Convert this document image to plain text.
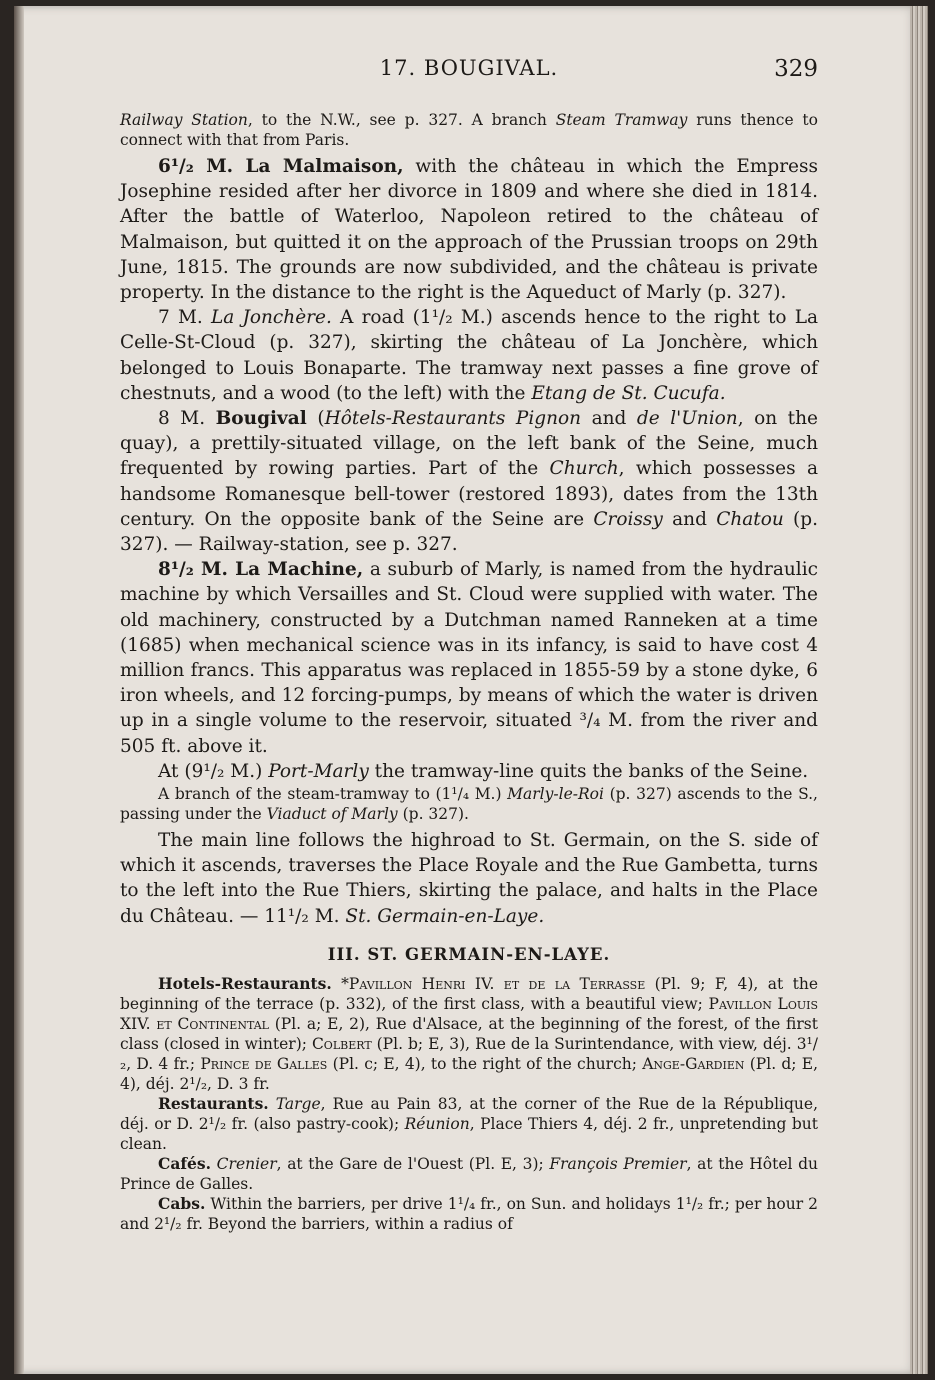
17. BOUGIVAL.	329

Railway Station, to the N.W., see p. 327. A branch Steam Tramway runs thence to connect with that from Paris.

6¹/₂ M. La Malmaison, with the château in which the Empress Josephine resided after her divorce in 1809 and where she died in 1814. After the battle of Waterloo, Napoleon retired to the château of Malmaison, but quitted it on the approach of the Prussian troops on 29th June, 1815. The grounds are now subdivided, and the château is private property. In the distance to the right is the Aqueduct of Marly (p. 327).

7 M. La Jonchère. A road (1¹/₂ M.) ascends hence to the right to La Celle-St-Cloud (p. 327), skirting the château of La Jonchère, which belonged to Louis Bonaparte. The tramway next passes a fine grove of chestnuts, and a wood (to the left) with the Etang de St. Cucufa.

8 M. Bougival (Hôtels-Restaurants Pignon and de l'Union, on the quay), a prettily-situated village, on the left bank of the Seine, much frequented by rowing parties. Part of the Church, which possesses a handsome Romanesque bell-tower (restored 1893), dates from the 13th century. On the opposite bank of the Seine are Croissy and Chatou (p. 327). — Railway-station, see p. 327.

8¹/₂ M. La Machine, a suburb of Marly, is named from the hydraulic machine by which Versailles and St. Cloud were supplied with water. The old machinery, constructed by a Dutchman named Ranneken at a time (1685) when mechanical science was in its infancy, is said to have cost 4 million francs. This apparatus was replaced in 1855-59 by a stone dyke, 6 iron wheels, and 12 forcing-pumps, by means of which the water is driven up in a single volume to the reservoir, situated ³/₄ M. from the river and 505 ft. above it.

At (9¹/₂ M.) Port-Marly the tramway-line quits the banks of the Seine.

A branch of the steam-tramway to (1¹/₄ M.) Marly-le-Roi (p. 327) ascends to the S., passing under the Viaduct of Marly (p. 327).

The main line follows the highroad to St. Germain, on the S. side of which it ascends, traverses the Place Royale and the Rue Gambetta, turns to the left into the Rue Thiers, skirting the palace, and halts in the Place du Château. — 11¹/₂ M. St. Germain-en-Laye.

III. ST. GERMAIN-EN-LAYE.

Hotels-Restaurants. *Pavillon Henri IV. et de la Terrasse (Pl. 9; F, 4), at the beginning of the terrace (p. 332), of the first class, with a beautiful view; Pavillon Louis XIV. et Continental (Pl. a; E, 2), Rue d'Alsace, at the beginning of the forest, of the first class (closed in winter); Colbert (Pl. b; E, 3), Rue de la Surintendance, with view, déj. 3¹/₂, D. 4 fr.; Prince de Galles (Pl. c; E, 4), to the right of the church; Ange-Gardien (Pl. d; E, 4), déj. 2¹/₂, D. 3 fr.

Restaurants. Targe, Rue au Pain 83, at the corner of the Rue de la République, déj. or D. 2¹/₂ fr. (also pastry-cook); Réunion, Place Thiers 4, déj. 2 fr., unpretending but clean.

Cafés. Crenier, at the Gare de l'Ouest (Pl. E, 3); François Premier, at the Hôtel du Prince de Galles.

Cabs. Within the barriers, per drive 1¹/₄ fr., on Sun. and holidays 1¹/₂ fr.; per hour 2 and 2¹/₂ fr. Beyond the barriers, within a radius of
